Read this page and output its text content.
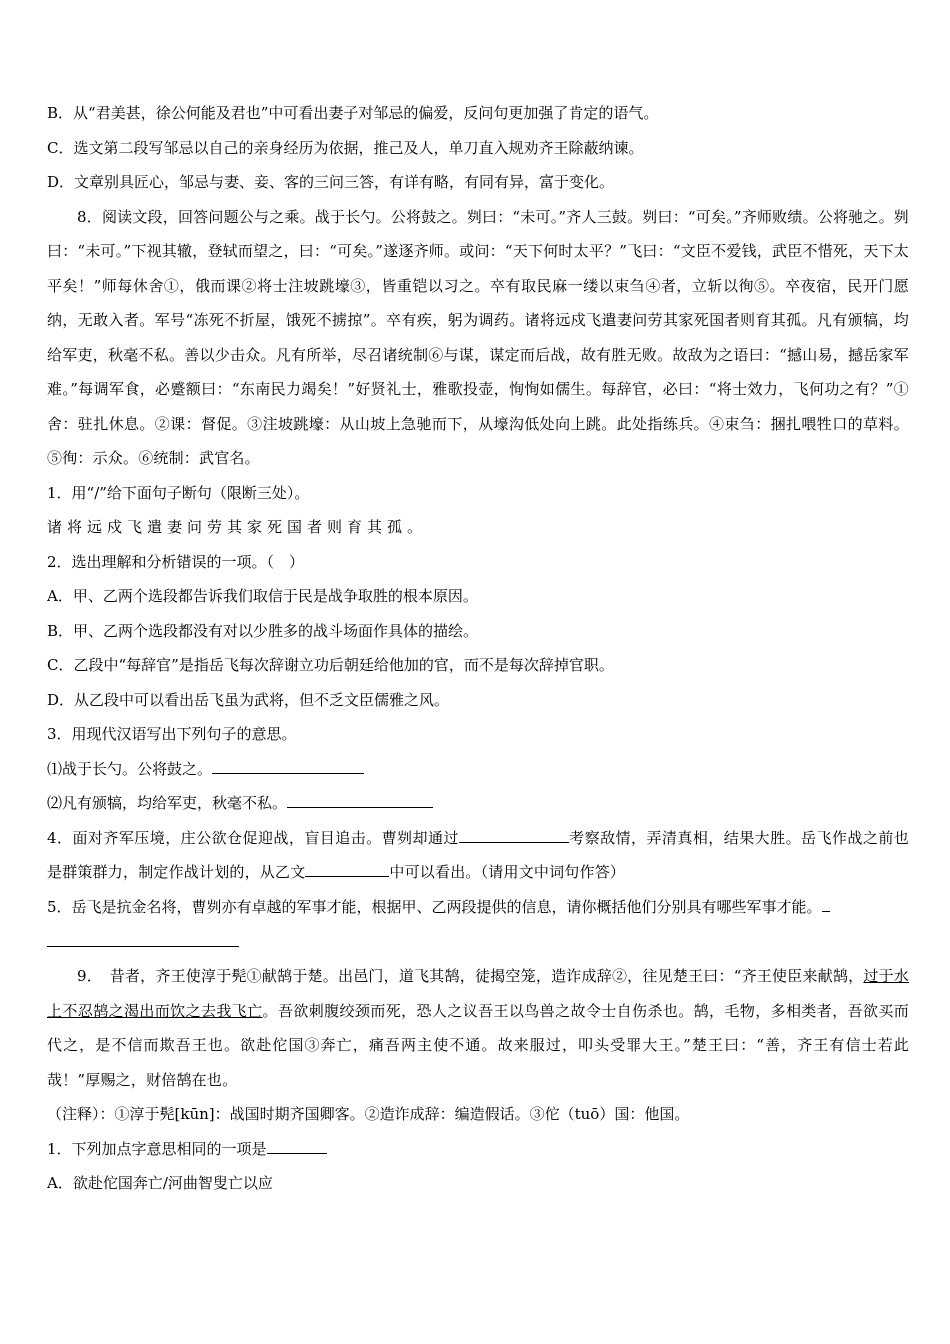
B．从“君美甚，徐公何能及君也”中可看出妻子对邹忌的偏爱，反问句更加强了肯定的语气。
C．选文第二段写邹忌以自己的亲身经历为依据，推己及人，单刀直入规劝齐王除蔽纳谏。
D．文章别具匠心，邹忌与妻、妾、客的三问三答，有详有略，有同有异，富于变化。
8．阅读文段，回答问题公与之乘。战于长勺。公将鼓之。刿曰：“未可。”齐人三鼓。刿曰：“可矣。”齐师败绩。公将驰之。刿曰：“未可。”下视其辙，登轼而望之，曰：“可矣。”遂逐齐师。或问：“天下何时太平？”飞曰：“文臣不爱钱，武臣不惜死，天下太平矣！”师每休舍①，俄而课②将士注坡跳壕③，皆重铠以习之。卒有取民麻一缕以束刍④者，立斩以徇⑤。卒夜宿，民开门愿纳，无敢入者。军号“冻死不折屋，饿死不掳掠”。卒有疾，躬为调药。诸将远戍飞遣妻问劳其家死国者则育其孤。凡有颁犒，均给军吏，秋毫不私。善以少击众。凡有所举，尽召诸统制⑥与谋，谋定而后战，故有胜无败。故敌为之语曰：“撼山易，撼岳家军难。”每调军食，必蹙额曰：“东南民力竭矣！”好贤礼士，雅歌投壶，恂恂如儒生。每辞官，必曰：“将士效力，飞何功之有？”①舍：驻扎休息。②课：督促。③注坡跳壕：从山坡上急驰而下，从壕沟低处向上跳。此处指练兵。④束刍：捆扎喂牲口的草料。⑤徇：示众。⑥统制：武官名。
1．用“/”给下面句子断句（限断三处）。
诸将远戍飞遣妻问劳其家死国者则育其孤。
2．选出理解和分析错误的一项。（　）
A．甲、乙两个选段都告诉我们取信于民是战争取胜的根本原因。
B．甲、乙两个选段都没有对以少胜多的战斗场面作具体的描绘。
C．乙段中“每辞官”是指岳飞每次辞谢立功后朝廷给他加的官，而不是每次辞掉官职。
D．从乙段中可以看出岳飞虽为武将，但不乏文臣儒雅之风。
3．用现代汉语写出下列句子的意思。
⑴战于长勺。公将鼓之。
⑵凡有颁犒，均给军吏，秋毫不私。
4．面对齐军压境，庄公欲仓促迎战，盲目追击。曹刿却通过	考察敌情，弄清真相，结果大胜。岳飞作战之前也是群策群力，制定作战计划的，从乙文	中可以看出。（请用文中词句作答）
5．岳飞是抗金名将，曹刿亦有卓越的军事才能，根据甲、乙两段提供的信息，请你概括他们分别具有哪些军事才能。
9．　昔者，齐王使淳于髡①献鹄于楚。出邑门，道飞其鹄，徒揭空笼，造诈成辞②，往见楚王曰：“齐王使臣来献鹄，过于水上不忍鹄之渴出而饮之去我飞亡。吾欲刺腹绞颈而死，恐人之议吾王以鸟兽之故令士自伤杀也。鹄，毛物，多相类者，吾欲买而代之，是不信而欺吾王也。欲赴佗国③奔亡，痛吾两主使不通。故来服过，叩头受罪大王。”楚王曰：“善，齐王有信士若此哉！”厚赐之，财倍鹄在也。
（注释）：①淳于髡[kūn]：战国时期齐国卿客。②造诈成辞：编造假话。③佗（tuō）国：他国。
1．下列加点字意思相同的一项是
A．欲赴佗国奔亡/河曲智叟亡以应
